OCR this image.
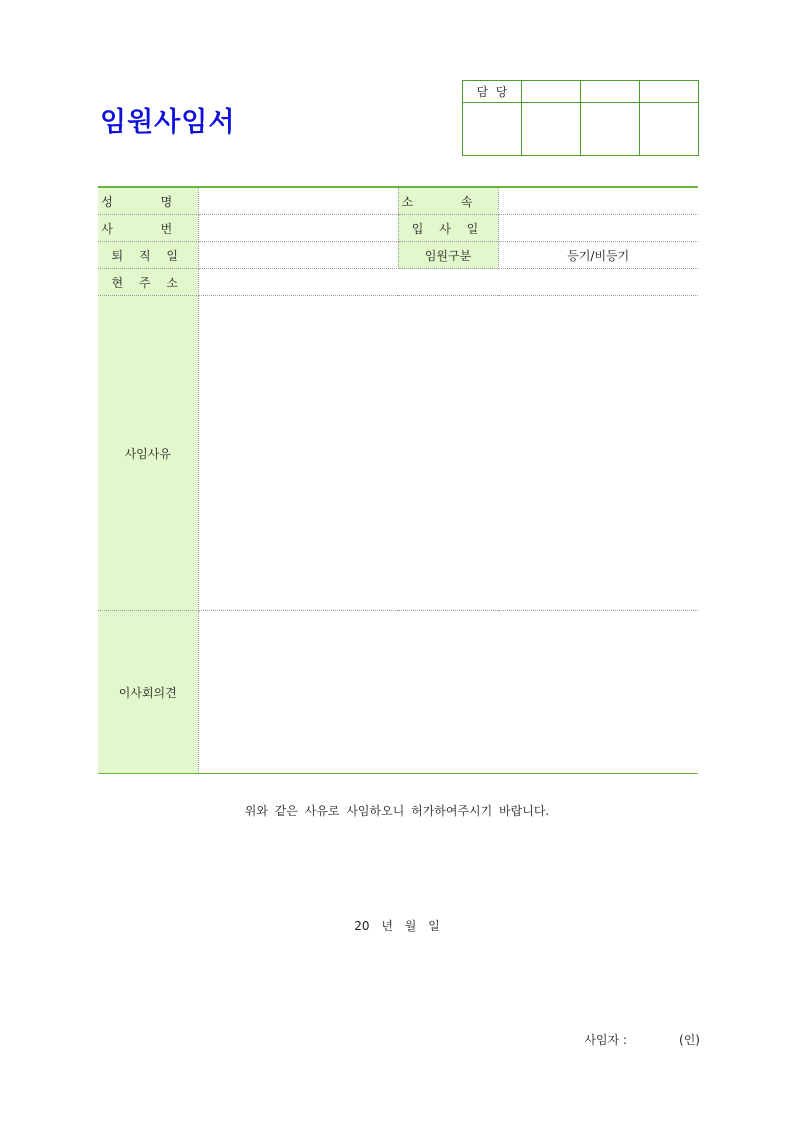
임원사임서
담  당			

성 명		소 속	
사 번		입 사 일	
퇴 직 일		임원구분	등기/비등기
현 주 소			
사임사유			
이사회의견			
위와 같은 사유로 사임하오니 허가하여주시기 바랍니다.
20 년 월 일
사임자 :	(인)
